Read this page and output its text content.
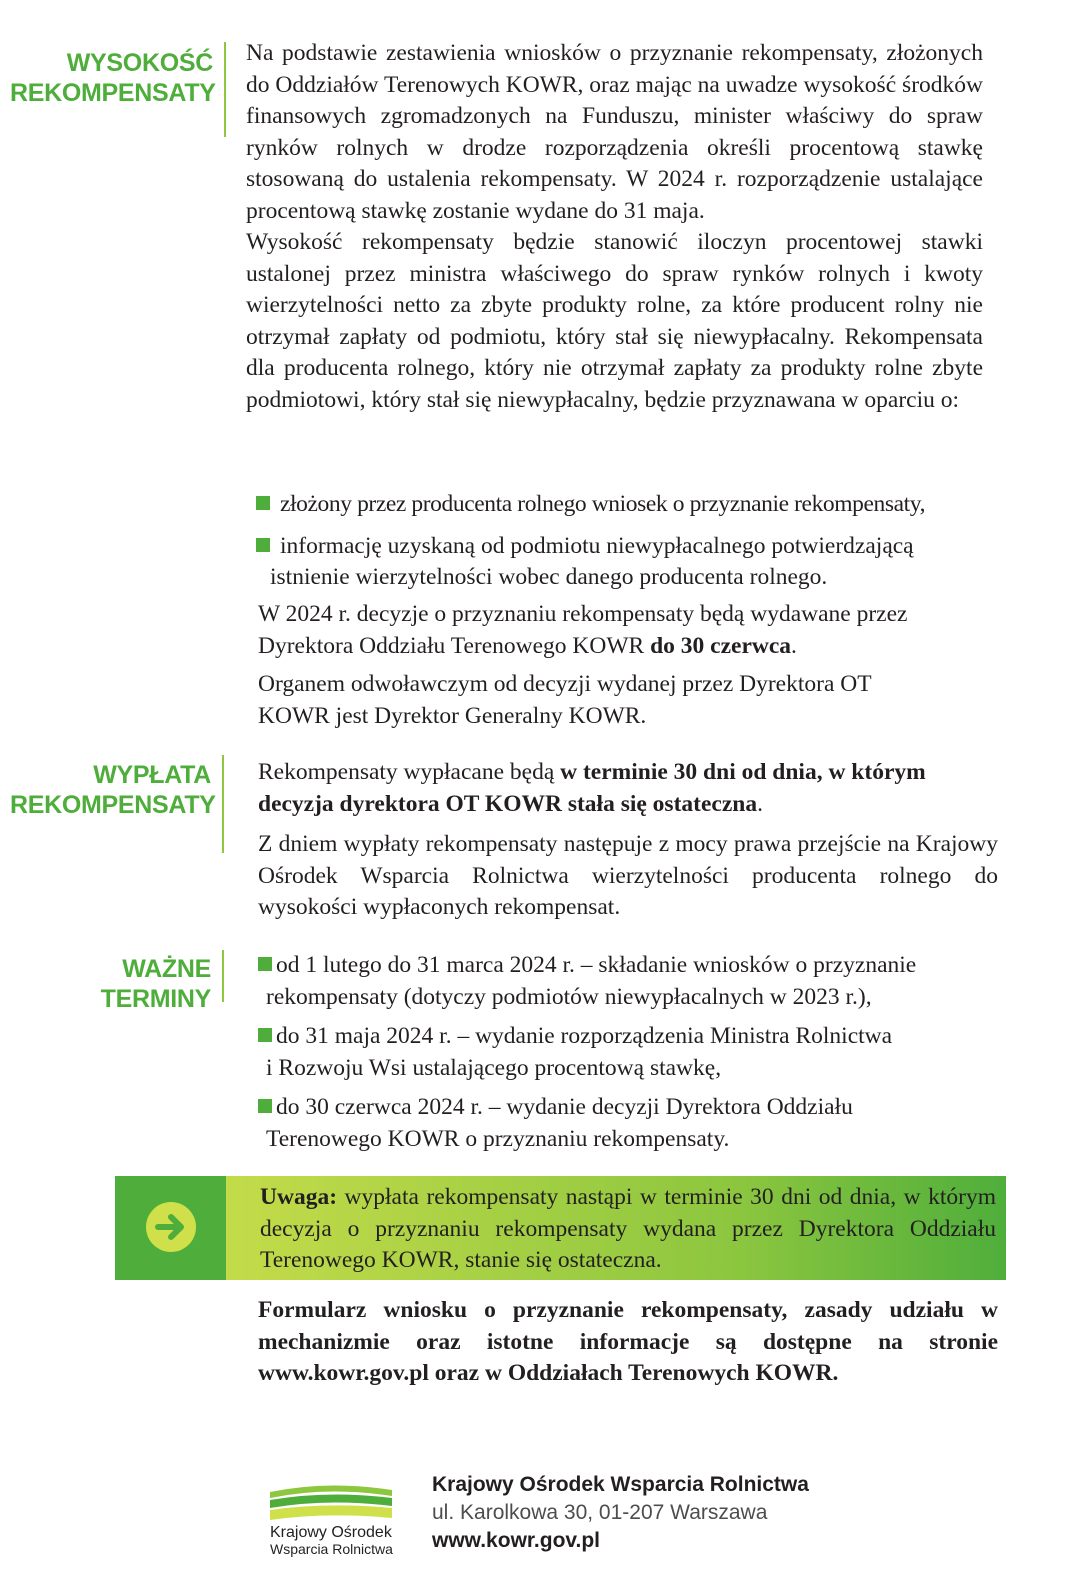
WYSOKOŚĆ
REKOMPENSATY

Na podstawie zestawienia wniosków o przyznanie rekompensaty, złożonych do Oddziałów Terenowych KOWR, oraz mając na uwadze wysokość środków finansowych zgromadzonych na Funduszu, minister właściwy do spraw rynków rolnych w drodze rozporządzenia określi procentową stawkę stosowaną do ustalenia rekompensaty. W 2024 r. rozporządzenie ustalające procentową stawkę zostanie wydane do 31 maja.

Wysokość rekompensaty będzie stanowić iloczyn procentowej stawki ustalonej przez ministra właściwego do spraw rynków rolnych i kwoty wierzytelności netto za zbyte produkty rolne, za które producent rolny nie otrzymał zapłaty od podmiotu, który stał się niewypłacalny. Rekompensata dla producenta rolnego, który nie otrzymał zapłaty za produkty rolne zbyte podmiotowi, który stał się niewypłacalny, będzie przyznawana w oparciu o:

złożony przez producenta rolnego wniosek o przyznanie rekompensaty,
informację uzyskaną od podmiotu niewypłacalnego potwierdzającą
istnienie wierzytelności wobec danego producenta rolnego.
W 2024 r. decyzje o przyznaniu rekompensaty będą wydawane przez
Dyrektora Oddziału Terenowego KOWR do 30 czerwca.
Organem odwoławczym od decyzji wydanej przez Dyrektora OT
KOWR jest Dyrektor Generalny KOWR.
WYPŁATA
REKOMPENSATY
Rekompensaty wypłacane będą w terminie 30 dni od dnia, w którym
decyzja dyrektora OT KOWR stała się ostateczna.

Z dniem wypłaty rekompensaty następuje z mocy prawa przejście na Krajowy Ośrodek Wsparcia Rolnictwa wierzytelności producenta rolnego do wysokości wypłaconych rekompensat.

WAŻNE TERMINY
od 1 lutego do 31 marca 2024 r. – składanie wniosków o przyznanie
rekompensaty (dotyczy podmiotów niewypłacalnych w 2023 r.),
do 31 maja 2024 r. – wydanie rozporządzenia Ministra Rolnictwa
i Rozwoju Wsi ustalającego procentową stawkę,
do 30 czerwca 2024 r. – wydanie decyzji Dyrektora Oddziału
Terenowego KOWR o przyznaniu rekompensaty.
Uwaga: wypłata rekompensaty nastąpi w terminie 30 dni od dnia, w którym decyzja o przyznaniu rekompensaty wydana przez Dyrektora Oddziału Terenowego KOWR, stanie się ostateczna.

Formularz wniosku o przyznanie rekompensaty, zasady udziału w mechanizmie oraz istotne informacje są dostępne na stronie www.kowr.gov.pl oraz w Oddziałach Terenowych KOWR.

Krajowy Ośrodek
Wsparcia Rolnictwa
Krajowy Ośrodek Wsparcia Rolnictwa
ul. Karolkowa 30, 01-207 Warszawa
www.kowr.gov.pl
